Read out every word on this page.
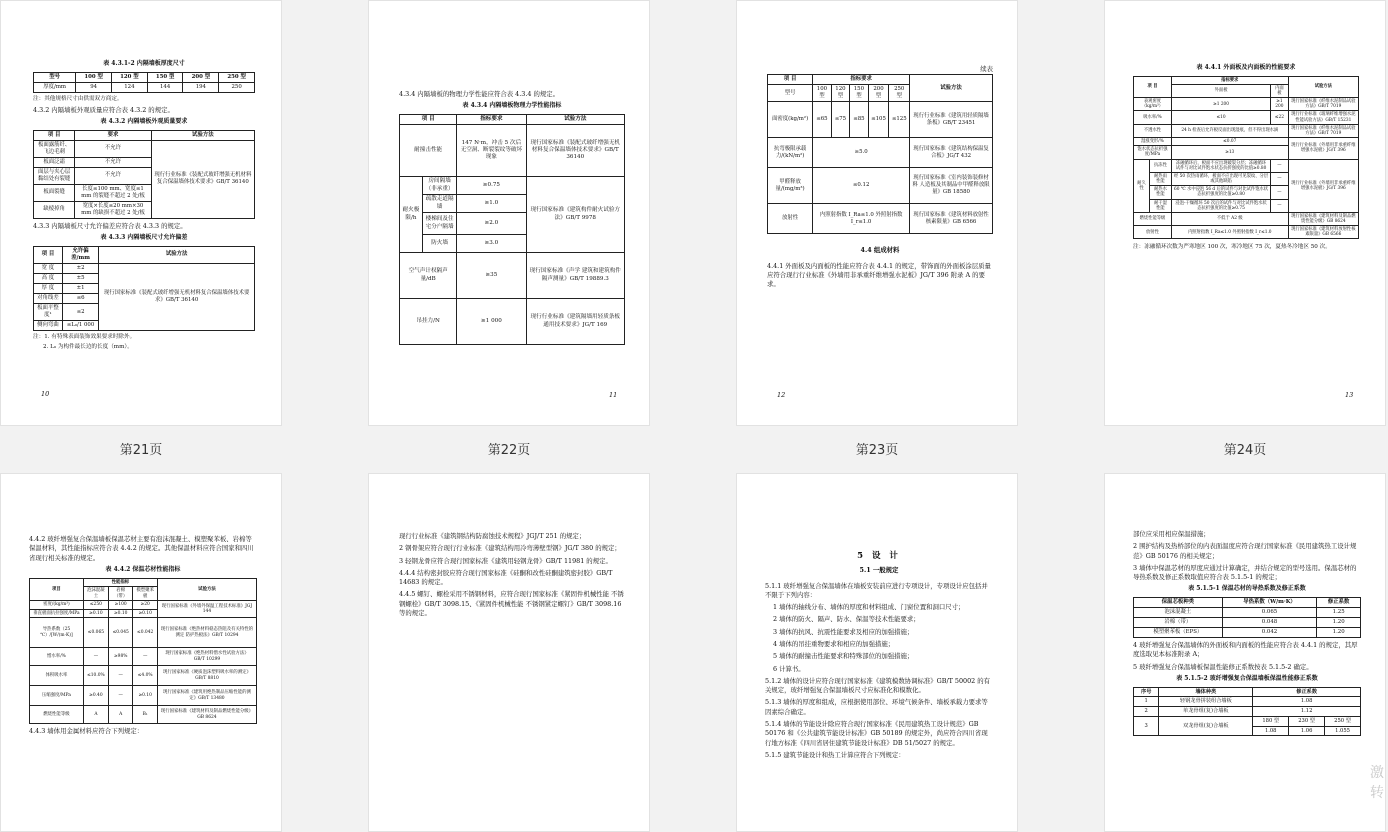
表 4.3.1-2 内隔墙板厚度尺寸
型号	100 型	120 型	150 型	200 型	250 型
厚度/mm	94	124	144	194	250
注：其他规格尺寸由供需双方商定。
4.3.2 内隔墙板外观质量应符合表 4.3.2 的规定。
表 4.3.2 内隔墙板外观质量要求
项 目	要求	试验方法
板面露筋纤、飞边毛刺	不允许	现行行业标准《装配式玻纤增强无机材料复合保温墙体技术要求》GB/T 36140
板面泛霜	不允许	
面层与夹心层黏结处有裂缝	不允许	
板面裂缝	长度≤100 mm、宽度≤1 mm 的裂缝不超过 2 处/板	
缺棱掉角	宽度×长度≤20 mm×30 mm 的缺损不超过 2 处/板	
4.3.3 内隔墙板尺寸允许偏差应符合表 4.3.3 的规定。
表 4.3.3 内隔墙板尺寸允许偏差
项 目	允许偏差/mm	试验方法
宽 度	±2	现行国家标准《装配式玻纤增强无机材料复合保温墙体技术要求》GB/T 36140
高 度	±5	
厚 度	±1	
对角线差	≤6	
板面平整度¹	≤2	
侧向弯曲	≤L₀/1 000	
注：1. 有特殊表面装饰效果要求时除外。
2. L₀ 为构件最长边的长度（mm）。
10
第21页
4.3.4 内隔墙板的物理力学性能应符合表 4.3.4 的规定。
表 4.3.4 内隔墙板物理力学性能指标
项 目		指标要求	试验方法
耐撞击性能		147 N·m，冲击 5 次后无空洞、断裂裂纹等破坏现象	现行国家标准《装配式玻纤增强无机材料复合保温墙体技术要求》GB/T 36140
耐火极限/h	房间隔墙（非承重）	≥0.75	现行国家标准《建筑构件耐火试验方法》GB/T 9978
	疏散走道隔墙	≥1.0	
	楼梯间及住宅分户隔墙	≥2.0	
	防火墙	≥3.0	
空气声计权隔声量/dB		≥35	现行国家标准《声学 建筑和建筑构件隔声测量》GB/T 19889.3
吊挂力/N		≥1 000	现行行业标准《建筑隔墙用轻质条板通用技术要求》JG/T 169
11
第22页
续表
项 目	指标要求					试验方法
型号	100 型	120 型	150 型	200 型	250 型	
面密度(kg/m²)	≤65	≤75	≤85	≤105	≤125	现行行业标准《建筑用轻质隔墙条板》GB/T 23451
抗弯极限承载力/(kN/m²)	≥5.0					现行国家标准《建筑结构保温复合板》JG/T 432
甲醛释放量/(mg/m³)	≤0.12					现行国家标准《室内装饰装修材料 人造板及其制品中甲醛释放限量》GB 18580
放射性	内照射指数 I_Ra≤1.0 外照射指数 I_r≤1.0					现行国家标准《建筑材料放射性核素限量》GB 6566
4.4 组成材料
4.4.1 外面板及内面板的性能应符合表 4.4.1 的规定，带饰面的外面板涂层质量应符合现行行业标准《外墙用非承重纤维增强水泥板》JG/T 396 附录 A 的要求。
12
第23页
表 4.4.1 外面板及内面板的性能要求
项 目		指标要求		试验方法
		外面板	内面板	
表观密度（kg/m³）		≥1 200	≥1 200	现行国家标准《纤维水泥制品试验方法》GB/T 7019
吸水率/%		≤10	≤22	现行行业标准《玻璃纤维增强水泥性能试验方法》GB/T 15231
不透水性		24 h 检查后允许板反面出现湿痕，但不得出现水滴		现行国家标准《纤维水泥制品试验方法》GB/T 7019
湿涨变形/%		≤0.07		现行行业标准《外墙用非承重纤维增强水泥板》JG/T 396
饱水状态抗折强度/MPa		≥13		
耐久性	抗冻性	冻融循环后，板面不应出现破裂分层；冻融循环试件与对比试件饱水状态抗折强度的比值≥0.80	—	现行行业标准《外墙用非承重纤维增强水泥板》JG/T 396
	耐热雨性能	经 50 次热雨循环，板面不应出现可见裂纹、分层或其他缺陷	—	
	耐热水性能	60 ℃ 水中浸泡 56 d 后的试件与对比试件饱水状态抗折强度的比值≥0.80	—	
	耐干湿性能	浸泡-干燥循环 50 次后的试件与对比试件饱水状态抗折强度的比值≥0.75	—	
燃烧性能等级		不低于 A2 级		现行国家标准《建筑材料及制品燃烧性能分级》GB 8624
放射性		内照射指数 I_Ra≤1.0 外照射指数 I_r≤1.0		现行国家标准《建筑材料放射性核素限量》GB 6566
注：冻融循环次数为严寒地区 100 次，寒冷地区 75 次，夏热冬冷地区 50 次。
13
第24页
4.4.2 玻纤增强复合保温墙板保温芯材主要有泡沫混凝土、模塑聚苯板、岩棉等保温材料，其性能指标应符合表 4.4.2 的规定。其他保温材料应符合国家和四川省现行相关标准的规定。
表 4.4.2 保温芯材性能指标
项目	性能指标			试验方法
	泡沫混凝土	岩棉（带）	模塑聚苯板	
密度/(kg/m³)	≤250	≥100	≥20	现行国家标准《外墙外保温工程技术标准》JGJ 144
垂直板面抗拉强度/MPa	≥0.10	≥0.10	≥0.10	
导热系数（25 ℃）/[W/(m·K)]	≤0.065	≤0.045	≤0.042	现行国家标准《绝热材料稳态热阻及有关特性的测定 防护热板法》GB/T 10294
憎水率/%	—	≥98%	—	现行国家标准《绝热材料憎水性试验方法》GB/T 10299
体积吸水率	≤10.0%	—	≤4.0%	现行国家标准《硬质泡沫塑料吸水率的测定》GB/T 8810
压缩强度/MPa	≥0.40	—	≥0.10	现行国家标准《建筑用绝热制品压缩性能的测定》GB/T 13480
燃烧性能等级	A	A	B₁	现行国家标准《建筑材料及制品燃烧性能分级》GB 8624
4.4.3 墙体用金属材料应符合下列规定：
现行行业标准《建筑钢结构防腐蚀技术规程》JGJ/T 251 的规定；
2 钢骨架应符合现行行业标准《建筑结构用冷弯薄壁型钢》JG/T 380 的规定；
3 轻钢龙骨应符合现行国家标准《建筑用轻钢龙骨》GB/T 11981 的规定。
4.4.4 结构密封胶应符合现行国家标准《硅酮和改性硅酮建筑密封胶》GB/T 14683 的规定。
4.4.5 螺钉、螺栓采用不锈钢材料，应符合现行国家标准《紧固件机械性能 不锈钢螺栓》GB/T 3098.15、《紧固件机械性能 不锈钢紧定螺钉》GB/T 3098.16 等的规定。
5 设 计
5.1 一般规定
5.1.1 玻纤增强复合保温墙体在墙板安装前应进行专项设计，专项设计应包括并不限于下列内容：
1 墙体的轴线分布、墙体的厚度和材料组成、门窗位置和洞口尺寸；
2 墙体的防火、隔声、防水、保温等技术性能要求；
3 墙体的抗风、抗震性能要求及相应的加强措施；
4 墙体的吊挂重物要求和相应的加强措施；
5 墙体的耐撞击性能要求和特殊部位的加强措施；
6 计算书。
5.1.2 墙体的设计应符合现行国家标准《建筑模数协调标准》GB/T 50002 的有关规定，玻纤增强复合保温墙板尺寸应标准化和模数化。
5.1.3 墙体的厚度和组成，应根据使用部位、环境气候条件、墙板承载力要求等因素综合确定。
5.1.4 墙体的节能设计除应符合现行国家标准《民用建筑热工设计规范》GB 50176 和《公共建筑节能设计标准》GB 50189 的规定外，尚应符合四川省现行地方标准《四川省居住建筑节能设计标准》DB 51/5027 的规定。
5.1.5 建筑节能设计和热工计算应符合下列规定：
部位应采用相应保温措施；
2 围护结构及热桥部位的内表面温度应符合现行国家标准《民用建筑热工设计规范》GB 50176 的相关规定；
3 墙体中保温芯材的厚度应通过计算确定，并结合规定的型号选用。保温芯材的导热系数及修正系数取值应符合表 5.1.5-1 的规定；
表 5.1.5-1 保温芯材的导热系数及修正系数
保温芯板种类	导热系数（W/m·K）	修正系数
泡沫混凝土	0.065	1.25
岩棉（带）	0.048	1.20
模塑聚苯板（EPS）	0.042	1.20
4 玻纤增强复合保温墙体的外面板和内面板的性能应符合表 4.4.1 的规定，其厚度选取见本标准附录 A；
5 玻纤增强复合保温墙板保温性能修正系数按表 5.1.5-2 确定。
表 5.1.5-2 玻纤增强复合保温墙板保温性能修正系数
序号	墙体种类	修正系数		
1	轻钢龙骨拼装组合墙板	1.08		
2	单龙骨组(复)合墙板	1.12		
3	双龙骨组(复)合墙板	180 型	230 型	250 型
		1.08	1.06	1.055
激
转
